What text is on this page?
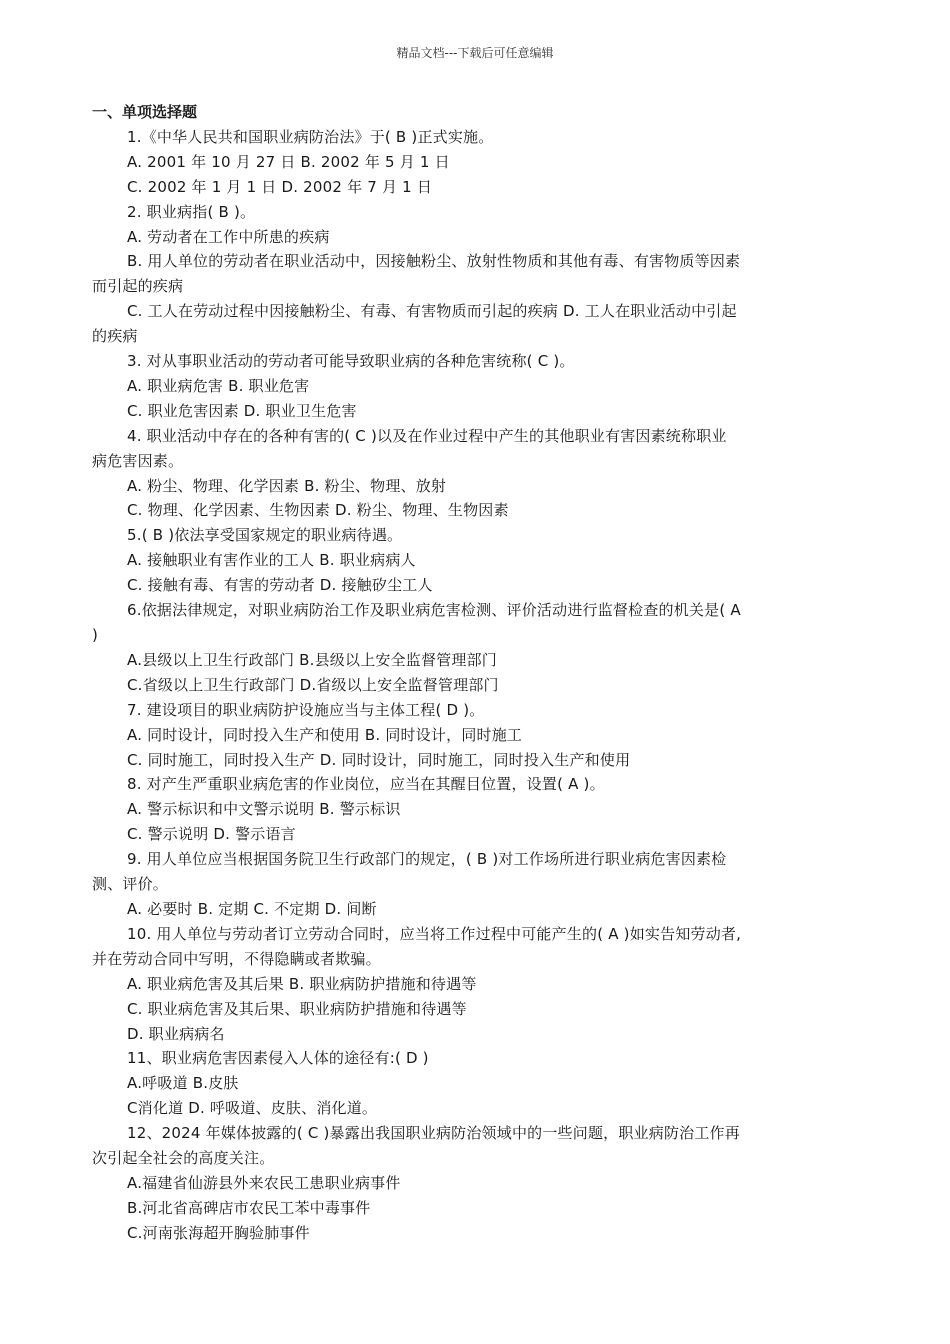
精品文档---下载后可任意编辑
一、单项选择题
1.《中华人民共和国职业病防治法》于( B )正式实施。
A. 2001 年 10 月 27 日 B. 2002 年 5 月 1 日
C. 2002 年 1 月 1 日 D. 2002 年 7 月 1 日
2. 职业病指( B )。
A. 劳动者在工作中所患的疾病
B. 用人单位的劳动者在职业活动中，因接触粉尘、放射性物质和其他有毒、有害物质等因素
而引起的疾病
C. 工人在劳动过程中因接触粉尘、有毒、有害物质而引起的疾病 D. 工人在职业活动中引起
的疾病
3. 对从事职业活动的劳动者可能导致职业病的各种危害统称( C )。
A. 职业病危害 B. 职业危害
C. 职业危害因素 D. 职业卫生危害
4. 职业活动中存在的各种有害的( C )以及在作业过程中产生的其他职业有害因素统称职业
病危害因素。
A. 粉尘、物理、化学因素 B. 粉尘、物理、放射
C. 物理、化学因素、生物因素 D. 粉尘、物理、生物因素
5.( B )依法享受国家规定的职业病待遇。
A. 接触职业有害作业的工人 B. 职业病病人
C. 接触有毒、有害的劳动者 D. 接触矽尘工人
6.依据法律规定，对职业病防治工作及职业病危害检测、评价活动进行监督检查的机关是( A
)
A.县级以上卫生行政部门 B.县级以上安全监督管理部门
C.省级以上卫生行政部门 D.省级以上安全监督管理部门
7. 建设项目的职业病防护设施应当与主体工程( D )。
A. 同时设计，同时投入生产和使用 B. 同时设计，同时施工
C. 同时施工，同时投入生产 D. 同时设计，同时施工，同时投入生产和使用
8. 对产生严重职业病危害的作业岗位，应当在其醒目位置，设置( A )。
A. 警示标识和中文警示说明 B. 警示标识
C. 警示说明 D. 警示语言
9. 用人单位应当根据国务院卫生行政部门的规定，( B )对工作场所进行职业病危害因素检
测、评价。
A. 必要时 B. 定期 C. 不定期 D. 间断
10. 用人单位与劳动者订立劳动合同时，应当将工作过程中可能产生的( A )如实告知劳动者,
并在劳动合同中写明，不得隐瞒或者欺骗。
A. 职业病危害及其后果 B. 职业病防护措施和待遇等
C. 职业病危害及其后果、职业病防护措施和待遇等
D. 职业病病名
11、职业病危害因素侵入人体的途径有:( D )
A.呼吸道 B.皮肤
C消化道 D. 呼吸道、皮肤、消化道。
12、2024 年媒体披露的( C )暴露出我国职业病防治领域中的一些问题，职业病防治工作再
次引起全社会的高度关注。
A.福建省仙游县外来农民工患职业病事件
B.河北省高碑店市农民工苯中毒事件
C.河南张海超开胸验肺事件
